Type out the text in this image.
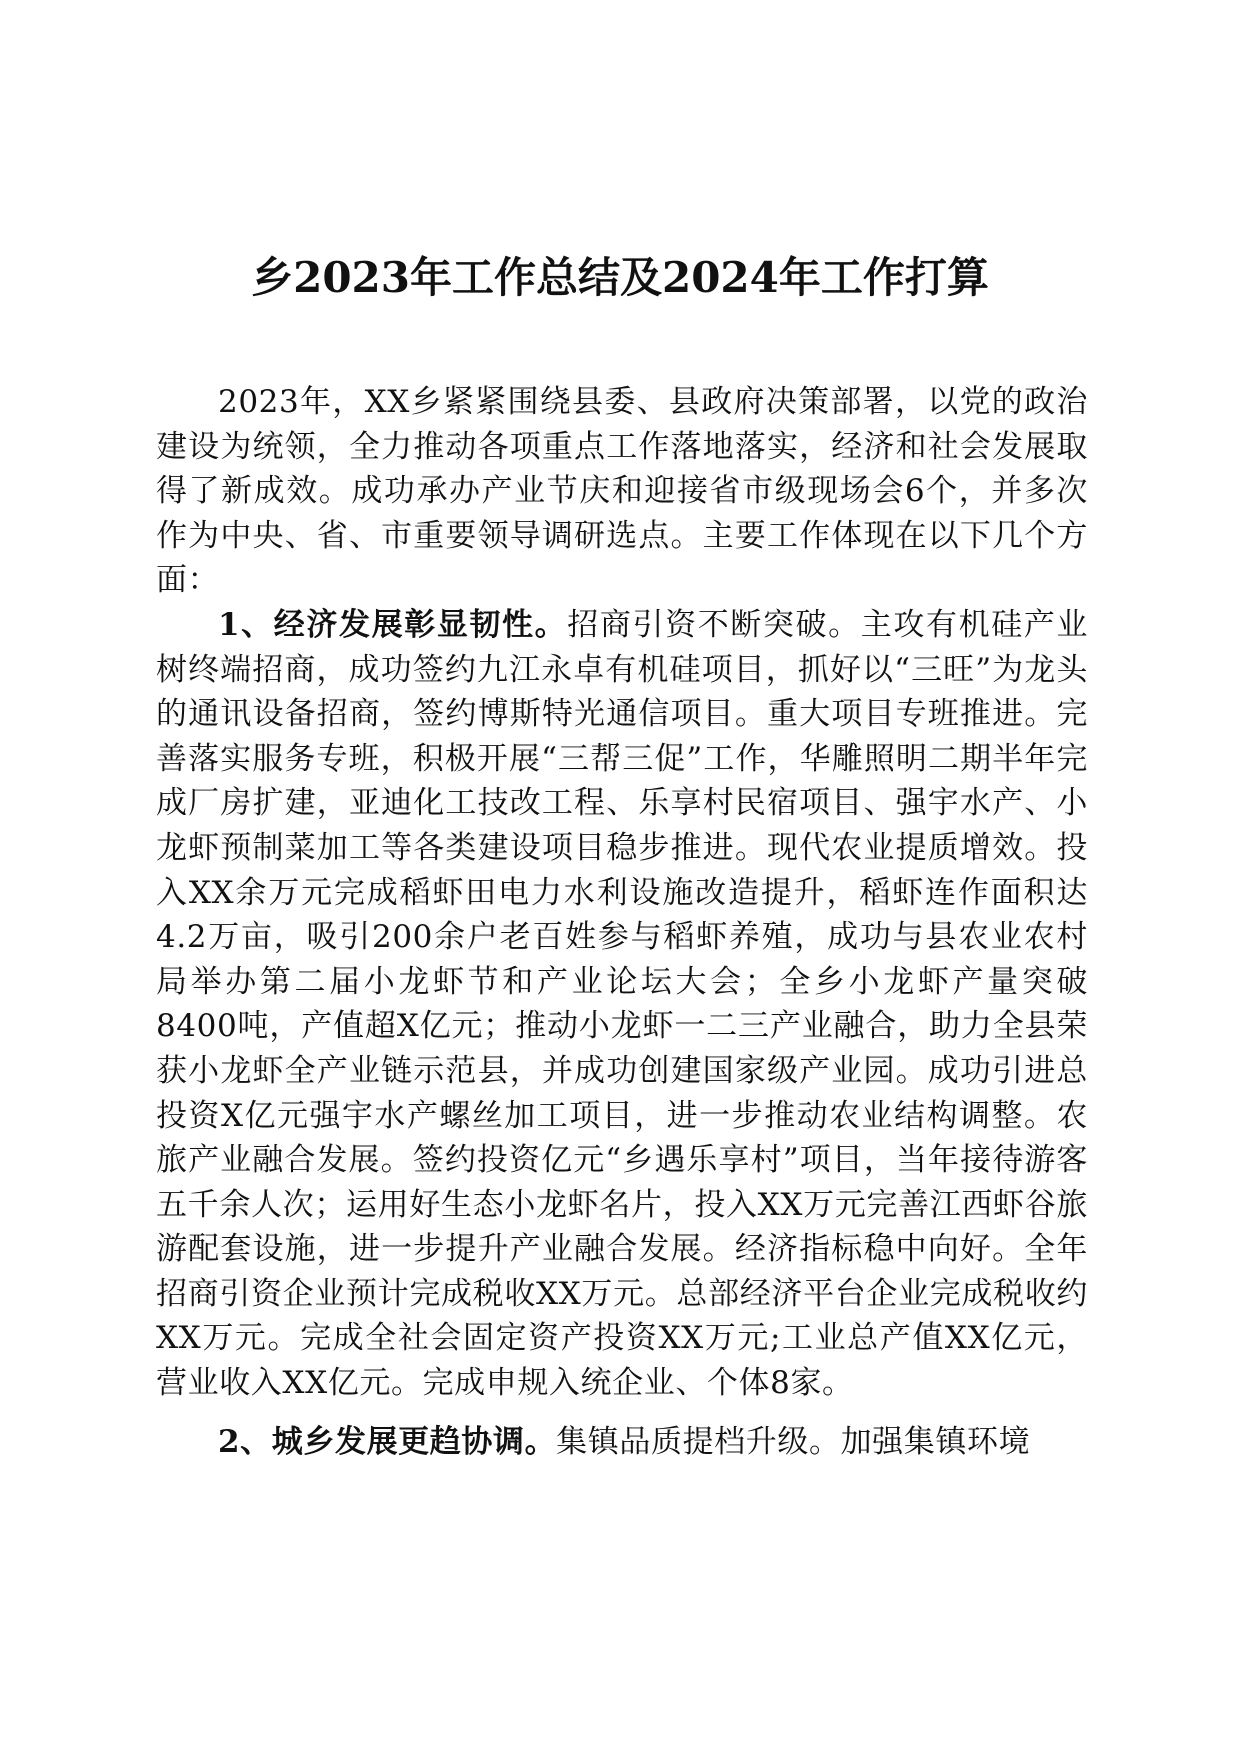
乡2023年工作总结及2024年工作打算

2023年，XX乡紧紧围绕县委、县政府决策部署，以党的政治建设为统领，全力推动各项重点工作落地落实，经济和社会发展取得了新成效。成功承办产业节庆和迎接省市级现场会6个，并多次作为中央、省、市重要领导调研选点。主要工作体现在以下几个方面：

1、经济发展彰显韧性。招商引资不断突破。主攻有机硅产业树终端招商，成功签约九江永卓有机硅项目，抓好以“三旺”为龙头的通讯设备招商，签约博斯特光通信项目。重大项目专班推进。完善落实服务专班，积极开展“三帮三促”工作，华雕照明二期半年完成厂房扩建，亚迪化工技改工程、乐享村民宿项目、强宇水产、小龙虾预制菜加工等各类建设项目稳步推进。现代农业提质增效。投入XX余万元完成稻虾田电力水利设施改造提升，稻虾连作面积达4.2万亩，吸引200余户老百姓参与稻虾养殖，成功与县农业农村局举办第二届小龙虾节和产业论坛大会；全乡小龙虾产量突破8400吨，产值超X亿元；推动小龙虾一二三产业融合，助力全县荣获小龙虾全产业链示范县，并成功创建国家级产业园。成功引进总投资X亿元强宇水产螺丝加工项目，进一步推动农业结构调整。农旅产业融合发展。签约投资亿元“乡遇乐享村”项目，当年接待游客五千余人次；运用好生态小龙虾名片，投入XX万元完善江西虾谷旅游配套设施，进一步提升产业融合发展。经济指标稳中向好。全年招商引资企业预计完成税收XX万元。总部经济平台企业完成税收约XX万元。完成全社会固定资产投资XX万元;工业总产值XX亿元，营业收入XX亿元。完成申规入统企业、个体8家。

2、城乡发展更趋协调。集镇品质提档升级。加强集镇环境
